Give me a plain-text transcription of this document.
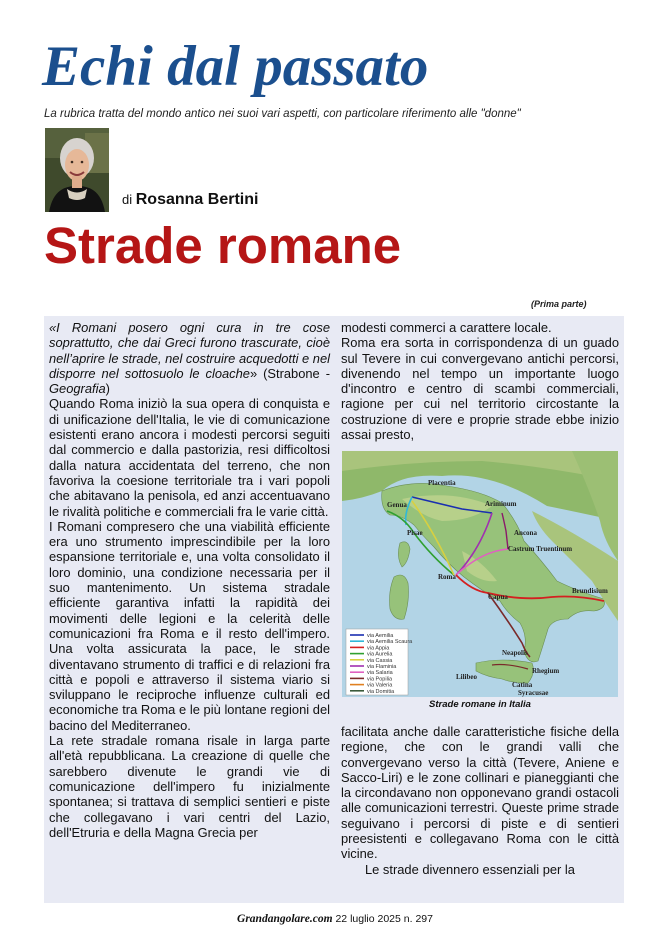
Echi dal passato
La rubrica tratta del mondo antico nei suoi vari aspetti, con particolare riferimento alle "donne"
di Rosanna Bertini
Strade romane
(Prima parte)

«I Romani posero ogni cura in tre cose soprattutto, che dai Greci furono trascurate, cioè nell’aprire le strade, nel costruire acquedotti e nel disporre nel sottosuolo le cloache» (Strabone - Geografia)

Quando Roma iniziò la sua opera di conquista e di unificazione dell'Italia, le vie di comunicazione esistenti erano ancora i modesti percorsi seguiti dal commercio e dalla pastorizia, resi difficoltosi dalla natura accidentata del terreno, che non favoriva la coesione territoriale tra i vari popoli che abitavano la penisola, ed anzi accentuavano le rivalità politiche e commerciali fra le varie città.

I Romani compresero che una viabilità efficiente era uno strumento imprescindibile per la loro espansione territoriale e, una volta consolidato il loro dominio, una condizione necessaria per il suo mantenimento. Un sistema stradale efficiente garantiva infatti la rapidità dei movimenti delle legioni e la celerità delle comunicazioni fra Roma e il resto dell'impero. Una volta assicurata la pace, le strade diventavano strumento di traffici e di relazioni fra città e popoli e attraverso il sistema viario si sviluppano le reciproche influenze culturali ed economiche tra Roma e le più lontane regioni del bacino del Mediterraneo.

La rete stradale romana risale in larga parte all'età repubblicana. La creazione di quelle che sarebbero divenute le grandi vie di comunicazione dell'impero fu inizialmente spontanea; si trattava di semplici sentieri e piste che collegavano i vari centri del Lazio, dell'Etruria e della Magna Grecia per

modesti commerci a carattere locale.

Roma era sorta in corrispondenza di un guado sul Tevere in cui convergevano antichi percorsi, divenendo nel tempo un importante luogo d'incontro e centro di scambi commerciali, ragione per cui nel territorio circostante la costruzione di vere e proprie strade ebbe inizio assai presto,

Placentia
Genua
Pisae
Ariminum
Ancona
Castrum Truentinum
Roma
Capua
Brundisium
Neapolis
Rhegium
Lilibeo
Catina
Syracusae
via Aemilia
via Aemilia Scaura
via Appia
via Aurelia
via Cassia
via Flaminia
via Salaria
via Popilia
via Valeria
via Domitia
Strade romane in Italia

facilitata anche dalle caratteristiche fisiche della regione, che con le grandi valli che convergevano verso la città (Tevere, Aniene e Sacco-Liri) e le zone collinari e pianeggianti che la circondavano non opponevano grandi ostacoli alle comunicazioni terrestri. Queste prime strade seguivano i percorsi di piste e di sentieri preesistenti e collegavano Roma con le città vicine.

Le strade divennero essenziali per la

Grandangolare.com 22 luglio 2025 n. 297
